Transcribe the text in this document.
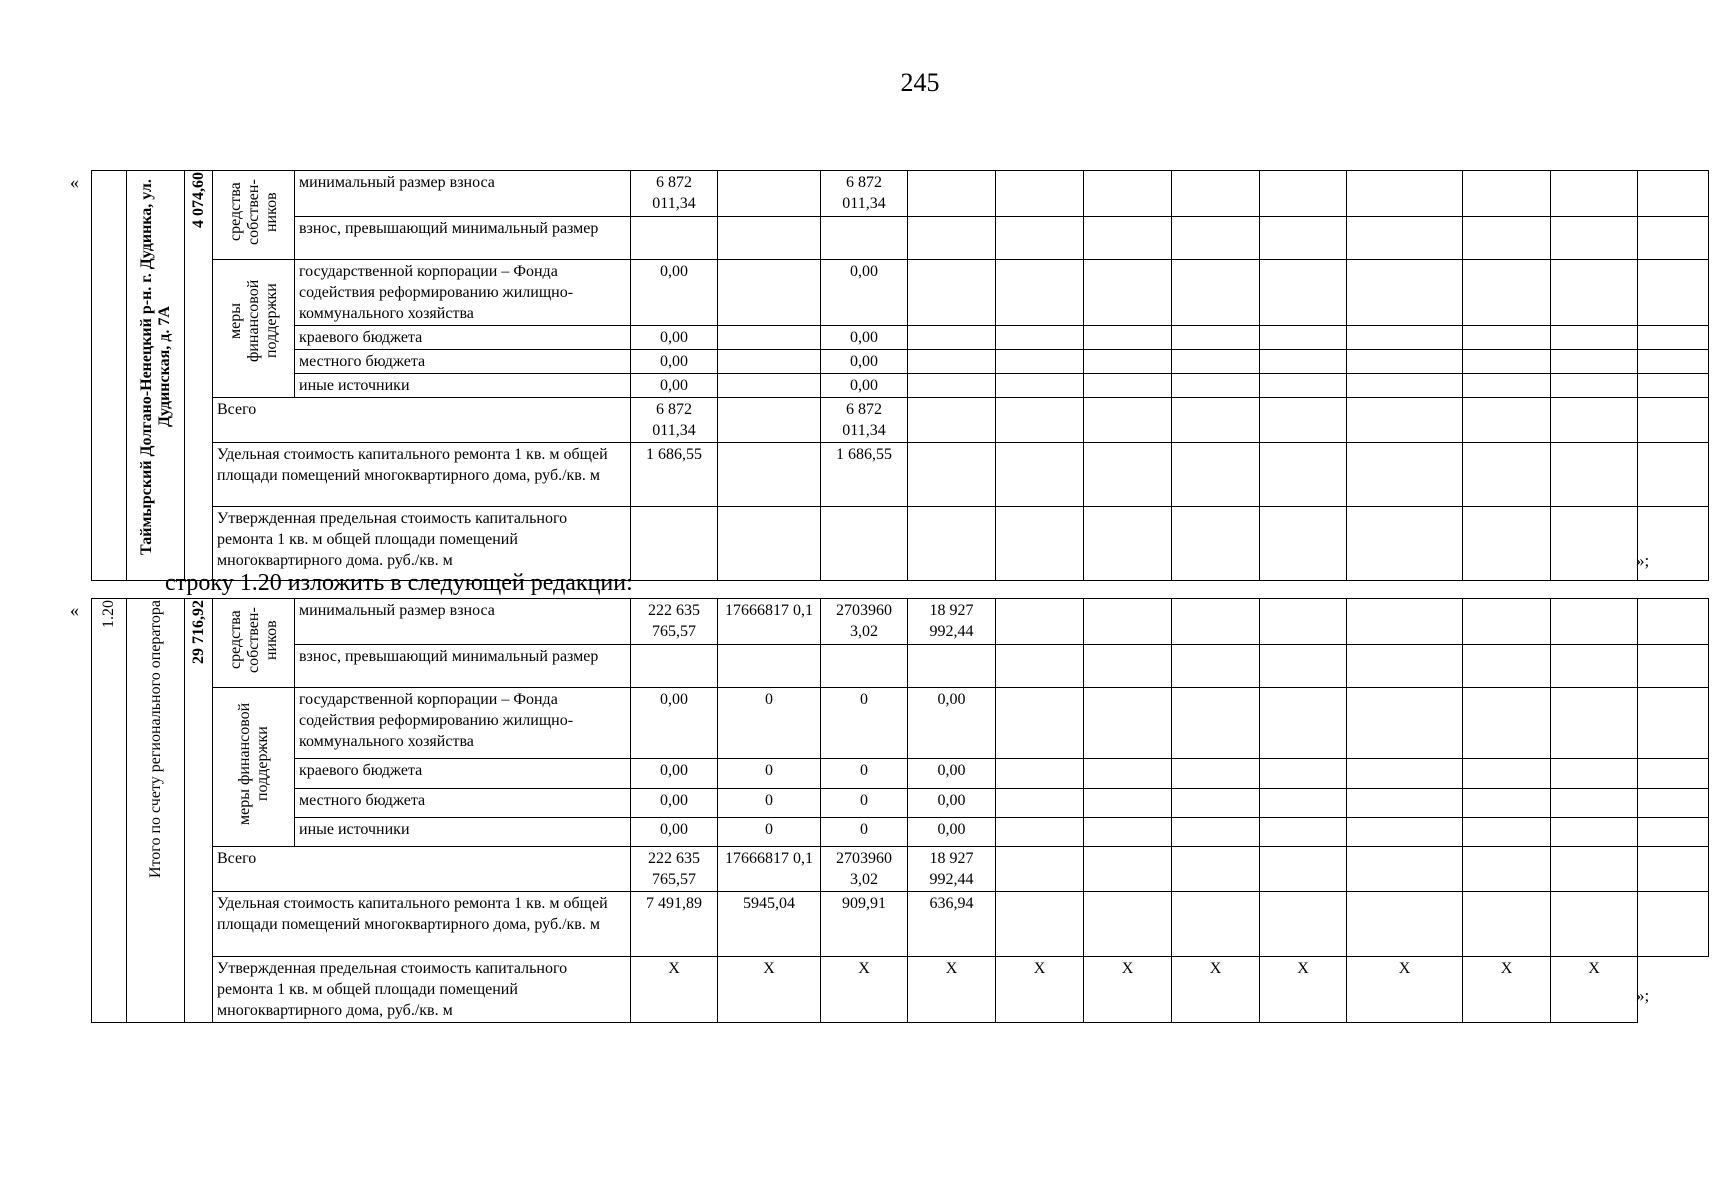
245
«
»;
строку 1.20 изложить в следующей редакции:
«
»;
	Таймырский Долгано-Ненецкий р-н. г. Дудинка, ул. Дудинская, д. 7А	4 074,60	средства собствен-ников	минимальный размер взноса	6 872 011,34		6 872 011,34									
				взнос, превышающий минимальный размер												
			меры финансовой поддержки	государственной корпорации – Фонда содействия реформированию жилищно-коммунального хозяйства	0,00		0,00									
				краевого бюджета	0,00		0,00									
				местного бюджета	0,00		0,00									
				иные источники	0,00		0,00									
			Всего		6 872 011,34		6 872 011,34									
			Удельная стоимость капитального ремонта 1 кв. м общей площади помещений многоквартирного дома, руб./кв. м		1 686,55		1 686,55									
			Утвержденная предельная стоимость капитального ремонта 1 кв. м общей площади помещений многоквартирного дома. руб./кв. м													
1.20	Итого по счету регионального оператора	29 716,92	средства собствен-ников	минимальный размер взноса	222 635 765,57	17666817 0,1	2703960 3,02	18 927 992,44								
				взнос, превышающий минимальный размер												
			меры финансовой поддержки	государственной корпорации – Фонда содействия реформированию жилищно-коммунального хозяйства	0,00	0	0	0,00								
				краевого бюджета	0,00	0	0	0,00								
				местного бюджета	0,00	0	0	0,00								
				иные источники	0,00	0	0	0,00								
			Всего		222 635 765,57	17666817 0,1	2703960 3,02	18 927 992,44								
			Удельная стоимость капитального ремонта 1 кв. м общей площади помещений многоквартирного дома, руб./кв. м		7 491,89	5945,04	909,91	636,94								
			Утвержденная предельная стоимость капитального ремонта 1 кв. м общей площади помещений многоквартирного дома, руб./кв. м		Х	Х	Х	Х	Х	Х	Х	Х	Х	Х	Х	
